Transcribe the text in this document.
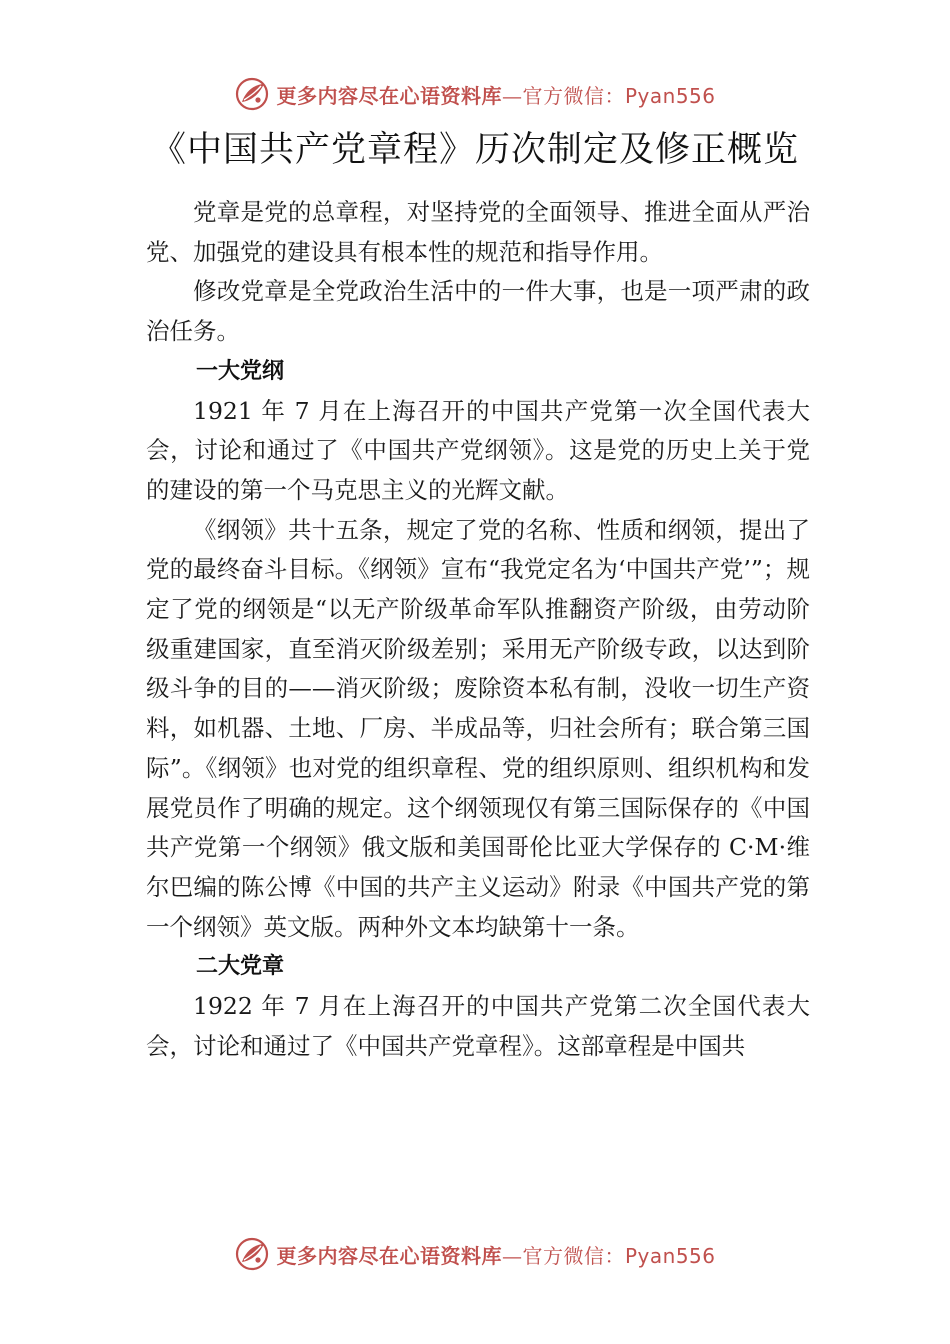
更多内容尽在心语资料库—官方微信：Pyan556
《中国共产党章程》历次制定及修正概览

党章是党的总章程，对坚持党的全面领导、推进全面从严治党、加强党的建设具有根本性的规范和指导作用。

修改党章是全党政治生活中的一件大事，也是一项严肃的政治任务。

一大党纲

1921 年 7 月在上海召开的中国共产党第一次全国代表大会，讨论和通过了《中国共产党纲领》。这是党的历史上关于党的建设的第一个马克思主义的光辉文献。

《纲领》共十五条，规定了党的名称、性质和纲领，提出了党的最终奋斗目标。《纲领》宣布“我党定名为‘中国共产党’”；规定了党的纲领是“以无产阶级革命军队推翻资产阶级，由劳动阶级重建国家，直至消灭阶级差别；采用无产阶级专政，以达到阶级斗争的目的——消灭阶级；废除资本私有制，没收一切生产资料，如机器、土地、厂房、半成品等，归社会所有；联合第三国际”。《纲领》也对党的组织章程、党的组织原则、组织机构和发展党员作了明确的规定。这个纲领现仅有第三国际保存的《中国共产党第一个纲领》俄文版和美国哥伦比亚大学保存的 C·M·维尔巴编的陈公博《中国的共产主义运动》附录《中国共产党的第一个纲领》英文版。两种外文本均缺第十一条。

二大党章

1922 年 7 月在上海召开的中国共产党第二次全国代表大会，讨论和通过了《中国共产党章程》。这部章程是中国共

更多内容尽在心语资料库—官方微信：Pyan556
